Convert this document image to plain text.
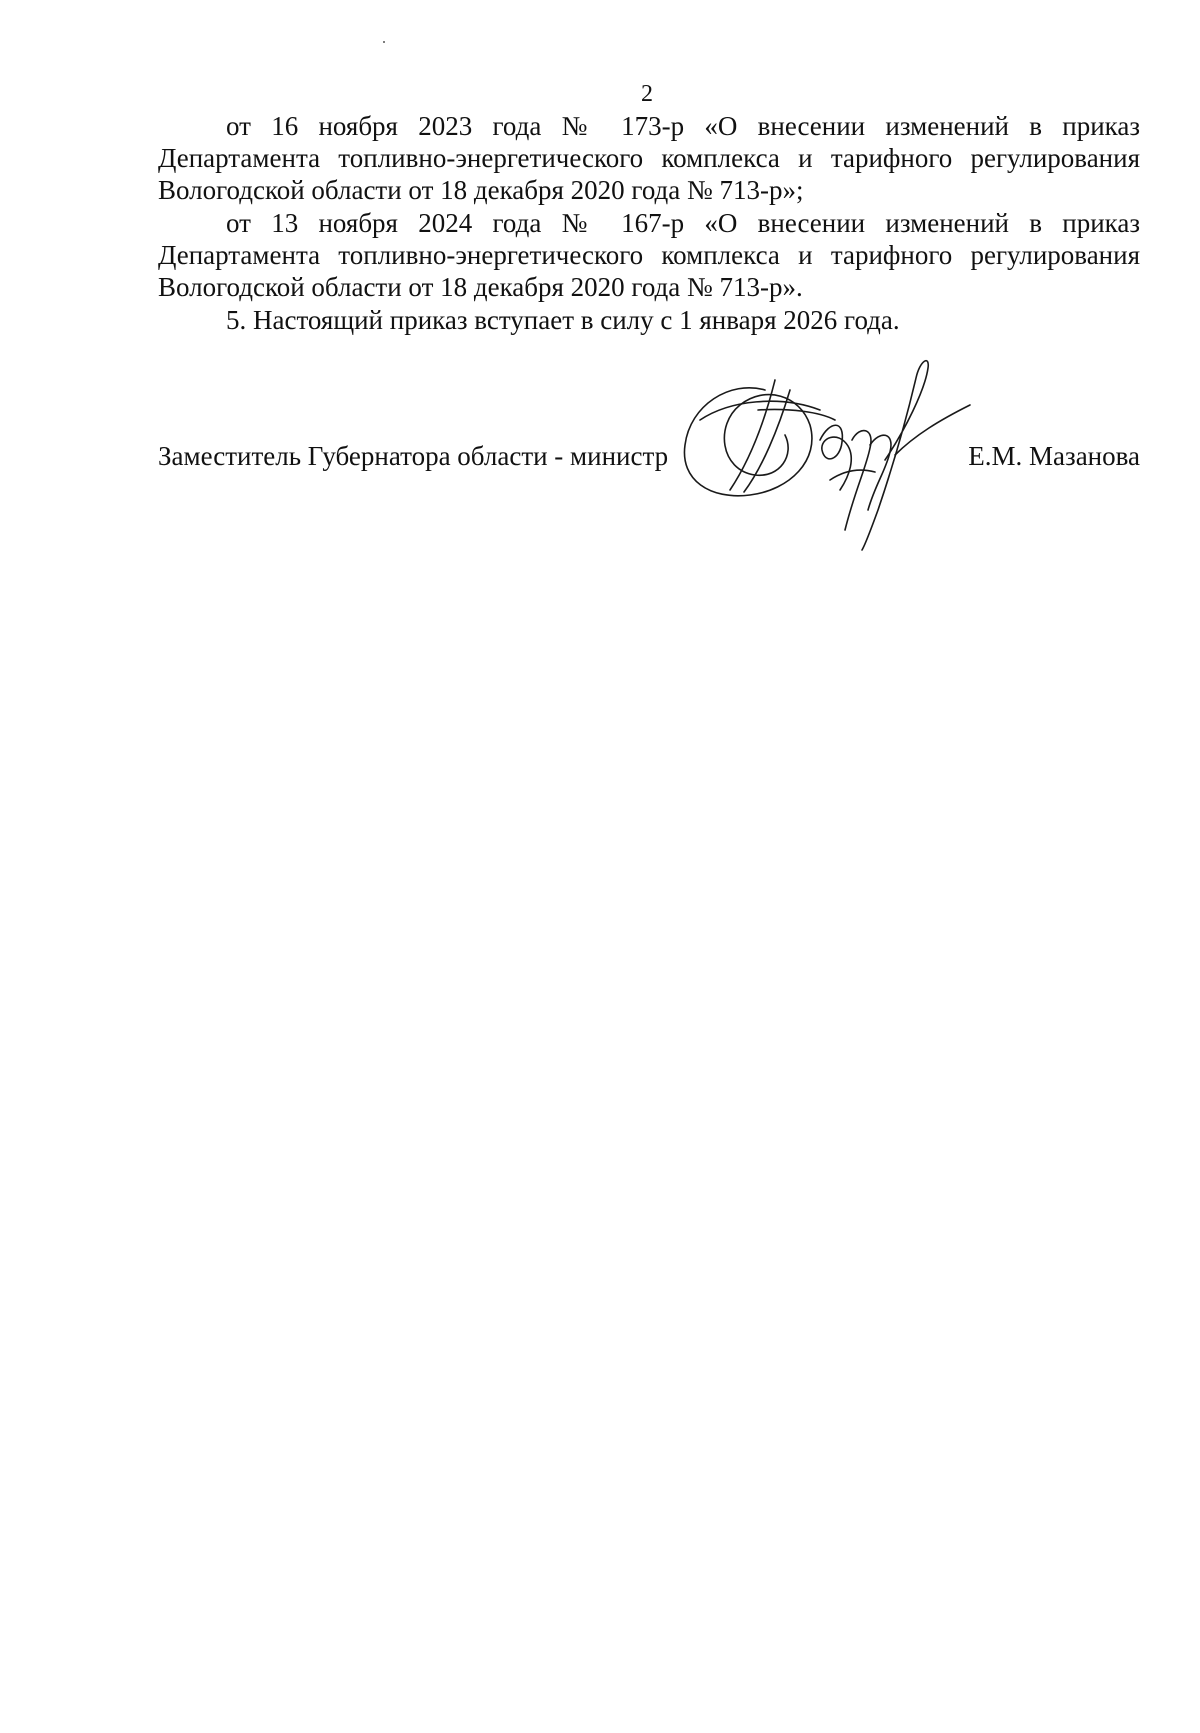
2

от 16 ноября 2023 года № 173-р «О внесении изменений в приказ Департамента топливно-энергетического комплекса и тарифного регулирования Вологодской области от 18 декабря 2020 года № 713-р»;

от 13 ноября 2024 года № 167-р «О внесении изменений в приказ Департамента топливно-энергетического комплекса и тарифного регулирования Вологодской области от 18 декабря 2020 года № 713-р».

5. Настоящий приказ вступает в силу с 1 января 2026 года.

Заместитель Губернатора области - министр	Е.М. Мазанова
